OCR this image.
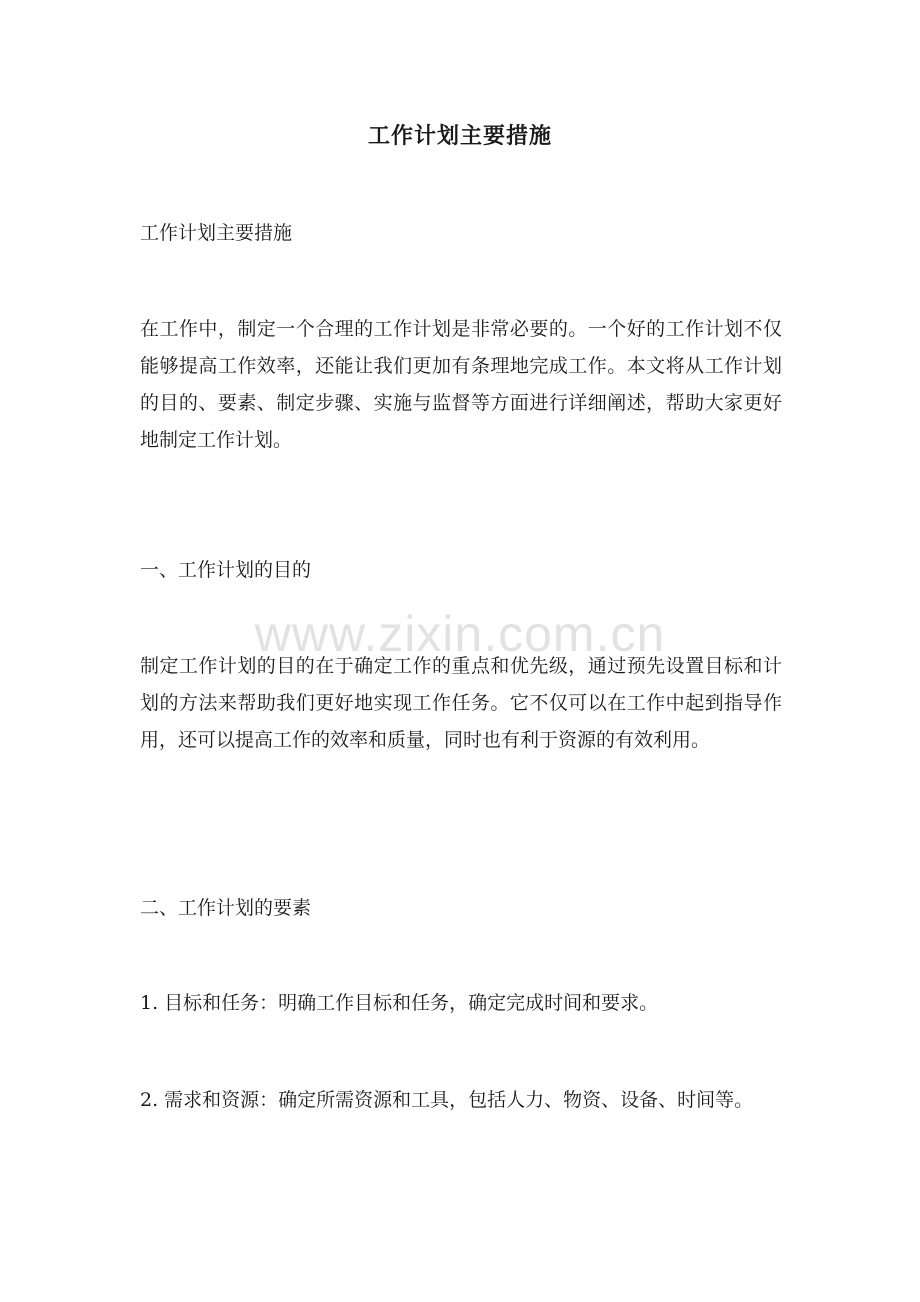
工作计划主要措施

工作计划主要措施

在工作中，制定一个合理的工作计划是非常必要的。一个好的工作计划不仅能够提高工作效率，还能让我们更加有条理地完成工作。本文将从工作计划的目的、要素、制定步骤、实施与监督等方面进行详细阐述，帮助大家更好地制定工作计划。

一、工作计划的目的

制定工作计划的目的在于确定工作的重点和优先级，通过预先设置目标和计划的方法来帮助我们更好地实现工作任务。它不仅可以在工作中起到指导作用，还可以提高工作的效率和质量，同时也有利于资源的有效利用。

二、工作计划的要素

1. 目标和任务：明确工作目标和任务，确定完成时间和要求。

2. 需求和资源：确定所需资源和工具，包括人力、物资、设备、时间等。

www.zixin.com.cn
